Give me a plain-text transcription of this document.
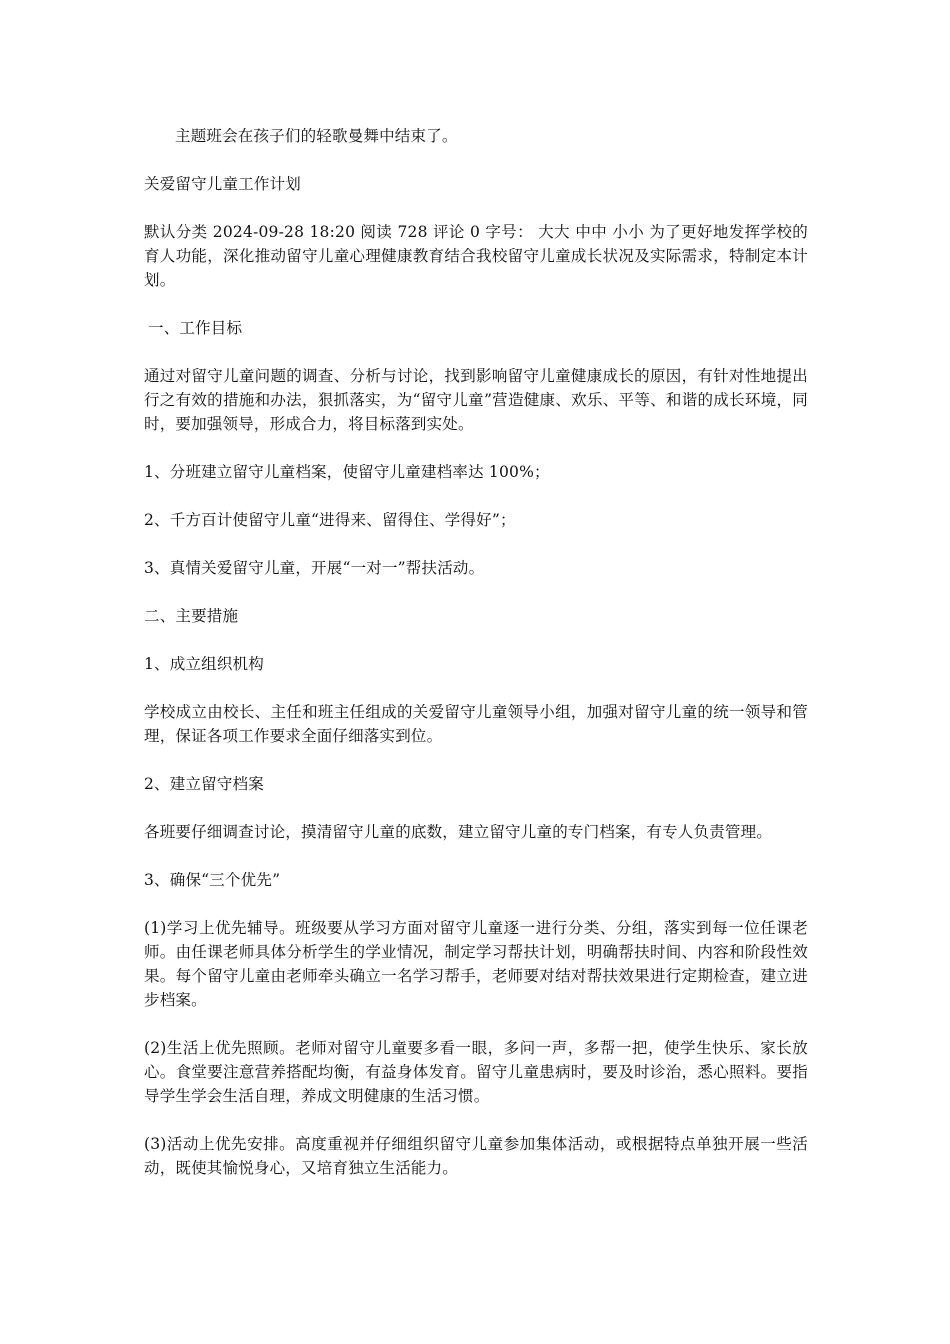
主题班会在孩子们的轻歌曼舞中结束了。

关爱留守儿童工作计划

默认分类 2024-09-28 18:20 阅读 728 评论 0 字号： 大大 中中 小小 为了更好地发挥学校的育人功能，深化推动留守儿童心理健康教育结合我校留守儿童成长状况及实际需求，特制定本计划。

一、工作目标

通过对留守儿童问题的调查、分析与讨论，找到影响留守儿童健康成长的原因，有针对性地提出行之有效的措施和办法，狠抓落实，为“留守儿童”营造健康、欢乐、平等、和谐的成长环境，同时，要加强领导，形成合力，将目标落到实处。

1、分班建立留守儿童档案，使留守儿童建档率达 100%；

2、千方百计使留守儿童“进得来、留得住、学得好”；

3、真情关爱留守儿童，开展“一对一”帮扶活动。

二、主要措施

1、成立组织机构

学校成立由校长、主任和班主任组成的关爱留守儿童领导小组，加强对留守儿童的统一领导和管理，保证各项工作要求全面仔细落实到位。

2、建立留守档案

各班要仔细调查讨论，摸清留守儿童的底数，建立留守儿童的专门档案，有专人负责管理。

3、确保“三个优先”

(1)学习上优先辅导。班级要从学习方面对留守儿童逐一进行分类、分组，落实到每一位任课老师。由任课老师具体分析学生的学业情况，制定学习帮扶计划，明确帮扶时间、内容和阶段性效果。每个留守儿童由老师牵头确立一名学习帮手，老师要对结对帮扶效果进行定期检查，建立进步档案。

(2)生活上优先照顾。老师对留守儿童要多看一眼，多问一声，多帮一把，使学生快乐、家长放心。食堂要注意营养搭配均衡，有益身体发育。留守儿童患病时，要及时诊治，悉心照料。要指导学生学会生活自理，养成文明健康的生活习惯。

(3)活动上优先安排。高度重视并仔细组织留守儿童参加集体活动，或根据特点单独开展一些活动，既使其愉悦身心，又培育独立生活能力。
